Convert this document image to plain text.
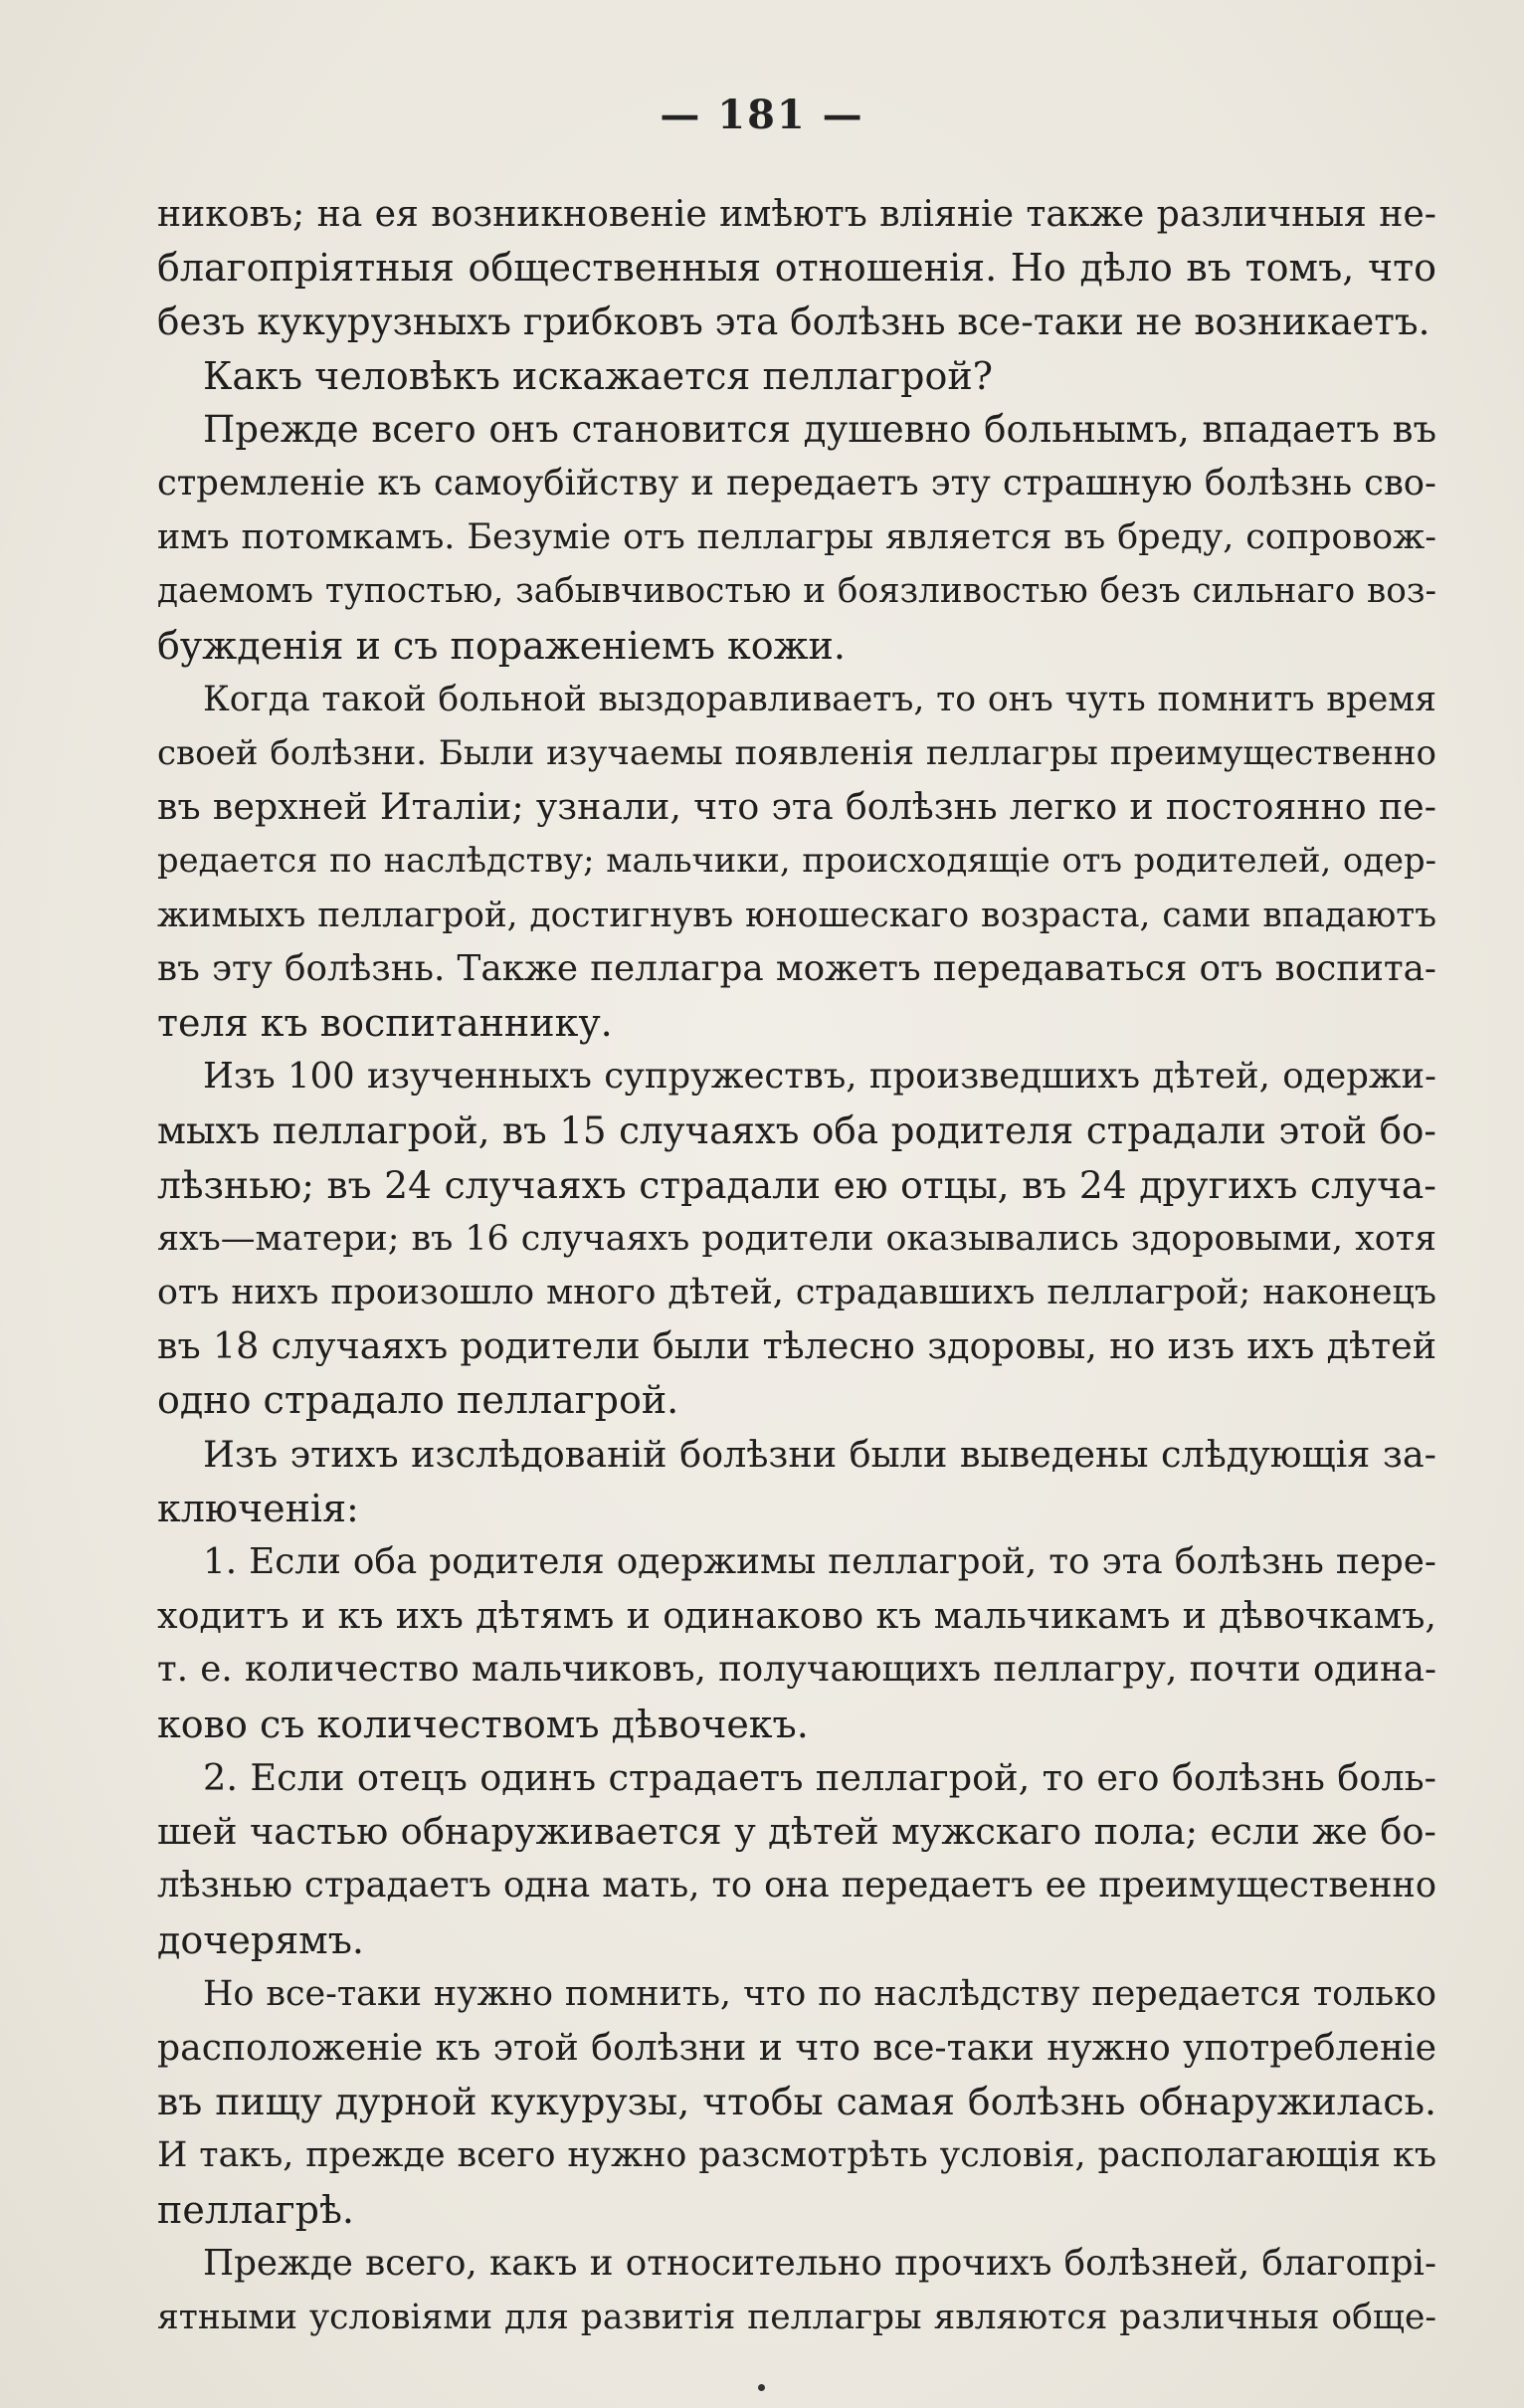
— 181 —
никовъ; на ея возникновеніе имѣютъ вліяніе также различныя не-
благопріятныя общественныя отношенія. Но дѣло въ томъ, что
безъ кукурузныхъ грибковъ эта болѣзнь все-таки не возникаетъ.
Какъ человѣкъ искажается пеллагрой?
Прежде всего онъ становится душевно больнымъ, впадаетъ въ
стремленіе къ самоубійству и передаетъ эту страшную болѣзнь сво-
имъ потомкамъ. Безуміе отъ пеллагры является въ бреду, сопровож-
даемомъ тупостью, забывчивостью и боязливостью безъ сильнаго воз-
бужденія и съ пораженіемъ кожи.
Когда такой больной выздоравливаетъ, то онъ чуть помнитъ время
своей болѣзни. Были изучаемы появленія пеллагры преимущественно
въ верхней Италіи; узнали, что эта болѣзнь легко и постоянно пе-
редается по наслѣдству; мальчики, происходящіе отъ родителей, одер-
жимыхъ пеллагрой, достигнувъ юношескаго возраста, сами впадаютъ
въ эту болѣзнь. Также пеллагра можетъ передаваться отъ воспита-
теля къ воспитаннику.
Изъ 100 изученныхъ супружествъ, произведшихъ дѣтей, одержи-
мыхъ пеллагрой, въ 15 случаяхъ оба родителя страдали этой бо-
лѣзнью; въ 24 случаяхъ страдали ею отцы, въ 24 другихъ случа-
яхъ—матери; въ 16 случаяхъ родители оказывались здоровыми, хотя
отъ нихъ произошло много дѣтей, страдавшихъ пеллагрой; наконецъ
въ 18 случаяхъ родители были тѣлесно здоровы, но изъ ихъ дѣтей
одно страдало пеллагрой.
Изъ этихъ изслѣдованій болѣзни были выведены слѣдующія за-
ключенія:
1. Если оба родителя одержимы пеллагрой, то эта болѣзнь пере-
ходитъ и къ ихъ дѣтямъ и одинаково къ мальчикамъ и дѣвочкамъ,
т. е. количество мальчиковъ, получающихъ пеллагру, почти одина-
ково съ количествомъ дѣвочекъ.
2. Если отецъ одинъ страдаетъ пеллагрой, то его болѣзнь боль-
шей частью обнаруживается у дѣтей мужскаго пола; если же бо-
лѣзнью страдаетъ одна мать, то она передаетъ ее преимущественно
дочерямъ.
Но все-таки нужно помнить, что по наслѣдству передается только
расположеніе къ этой болѣзни и что все-таки нужно употребленіе
въ пищу дурной кукурузы, чтобы самая болѣзнь обнаружилась.
И такъ, прежде всего нужно разсмотрѣть условія, располагающія къ
пеллагрѣ.
Прежде всего, какъ и относительно прочихъ болѣзней, благопрі-
ятными условіями для развитія пеллагры являются различныя обще-
